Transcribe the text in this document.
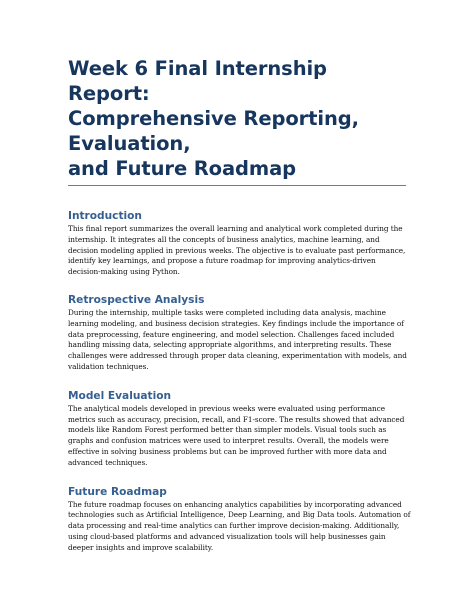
Week 6 Final Internship Report:
Comprehensive Reporting, Evaluation,
and Future Roadmap
Introduction

This final report summarizes the overall learning and analytical work completed during the
internship. It integrates all the concepts of business analytics, machine learning, and
decision modeling applied in previous weeks. The objective is to evaluate past performance,
identify key learnings, and propose a future roadmap for improving analytics-driven
decision-making using Python.

Retrospective Analysis

During the internship, multiple tasks were completed including data analysis, machine
learning modeling, and business decision strategies. Key findings include the importance of
data preprocessing, feature engineering, and model selection. Challenges faced included
handling missing data, selecting appropriate algorithms, and interpreting results. These
challenges were addressed through proper data cleaning, experimentation with models, and
validation techniques.

Model Evaluation

The analytical models developed in previous weeks were evaluated using performance
metrics such as accuracy, precision, recall, and F1-score. The results showed that advanced
models like Random Forest performed better than simpler models. Visual tools such as
graphs and confusion matrices were used to interpret results. Overall, the models were
effective in solving business problems but can be improved further with more data and
advanced techniques.

Future Roadmap

The future roadmap focuses on enhancing analytics capabilities by incorporating advanced
technologies such as Artificial Intelligence, Deep Learning, and Big Data tools. Automation of
data processing and real-time analytics can further improve decision-making. Additionally,
using cloud-based platforms and advanced visualization tools will help businesses gain
deeper insights and improve scalability.
